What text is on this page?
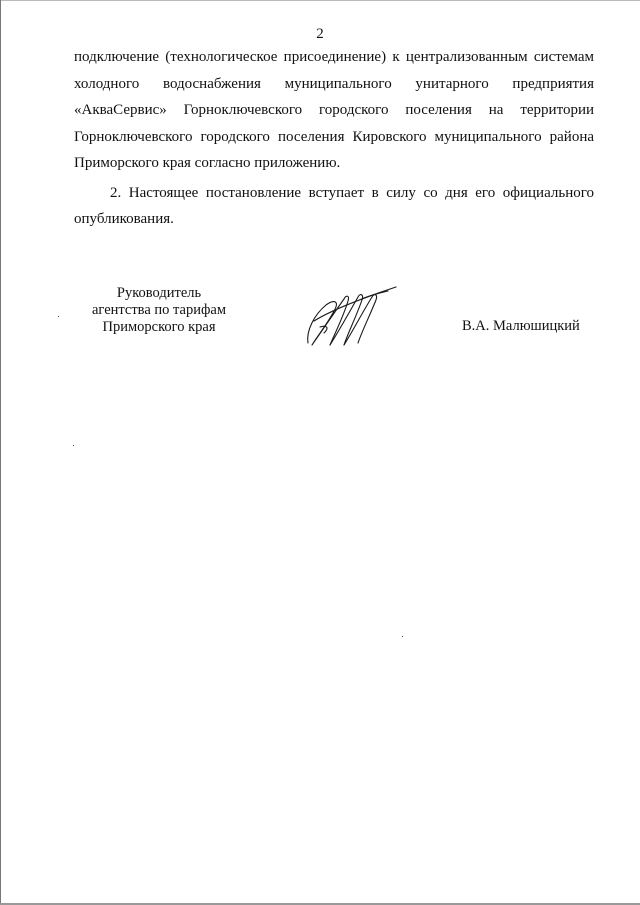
2

подключение (технологическое присоединение) к централизованным системам холодного водоснабжения муниципального унитарного предприятия «АкваСервис» Горноключевского городского поселения на территории Горноключевского городского поселения Кировского муниципального района Приморского края согласно приложению.

2. Настоящее постановление вступает в силу со дня его официального опубликования.

Руководитель
агентства по тарифам
Приморского края	В.А. Малюшицкий
